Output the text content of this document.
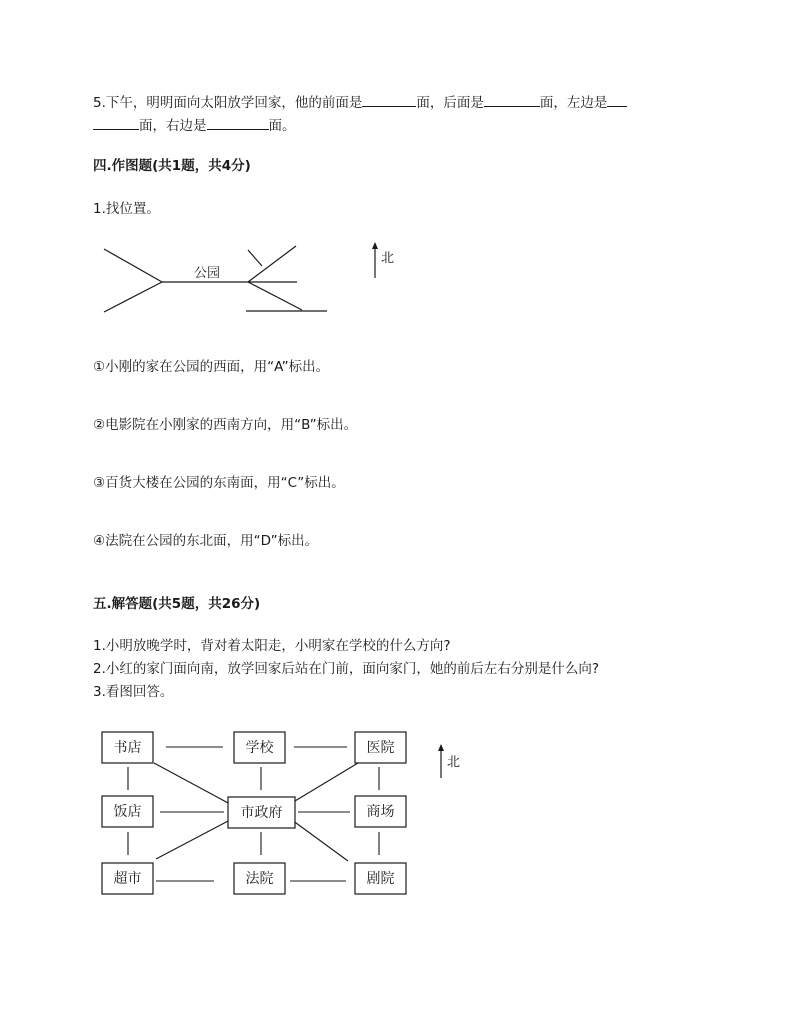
5.下午，明明面向太阳放学回家，他的前面是	面，后面是	面，左边是
面，右边是	面。
四.作图题(共1题，共4分)
1.找位置。
公园
北
①小刚的家在公园的西面，用“A”标出。
②电影院在小刚家的西南方向，用“B”标出。
③百货大楼在公园的东南面，用“C”标出。
④法院在公园的东北面，用“D”标出。
五.解答题(共5题，共26分)
1.小明放晚学时，背对着太阳走，小明家在学校的什么方向?
2.小红的家门面向南，放学回家后站在门前，面向家门，她的前后左右分别是什么向?
3.看图回答。
书店	学校	医院
饭店	市政府	商场
超市	法院	剧院
北
